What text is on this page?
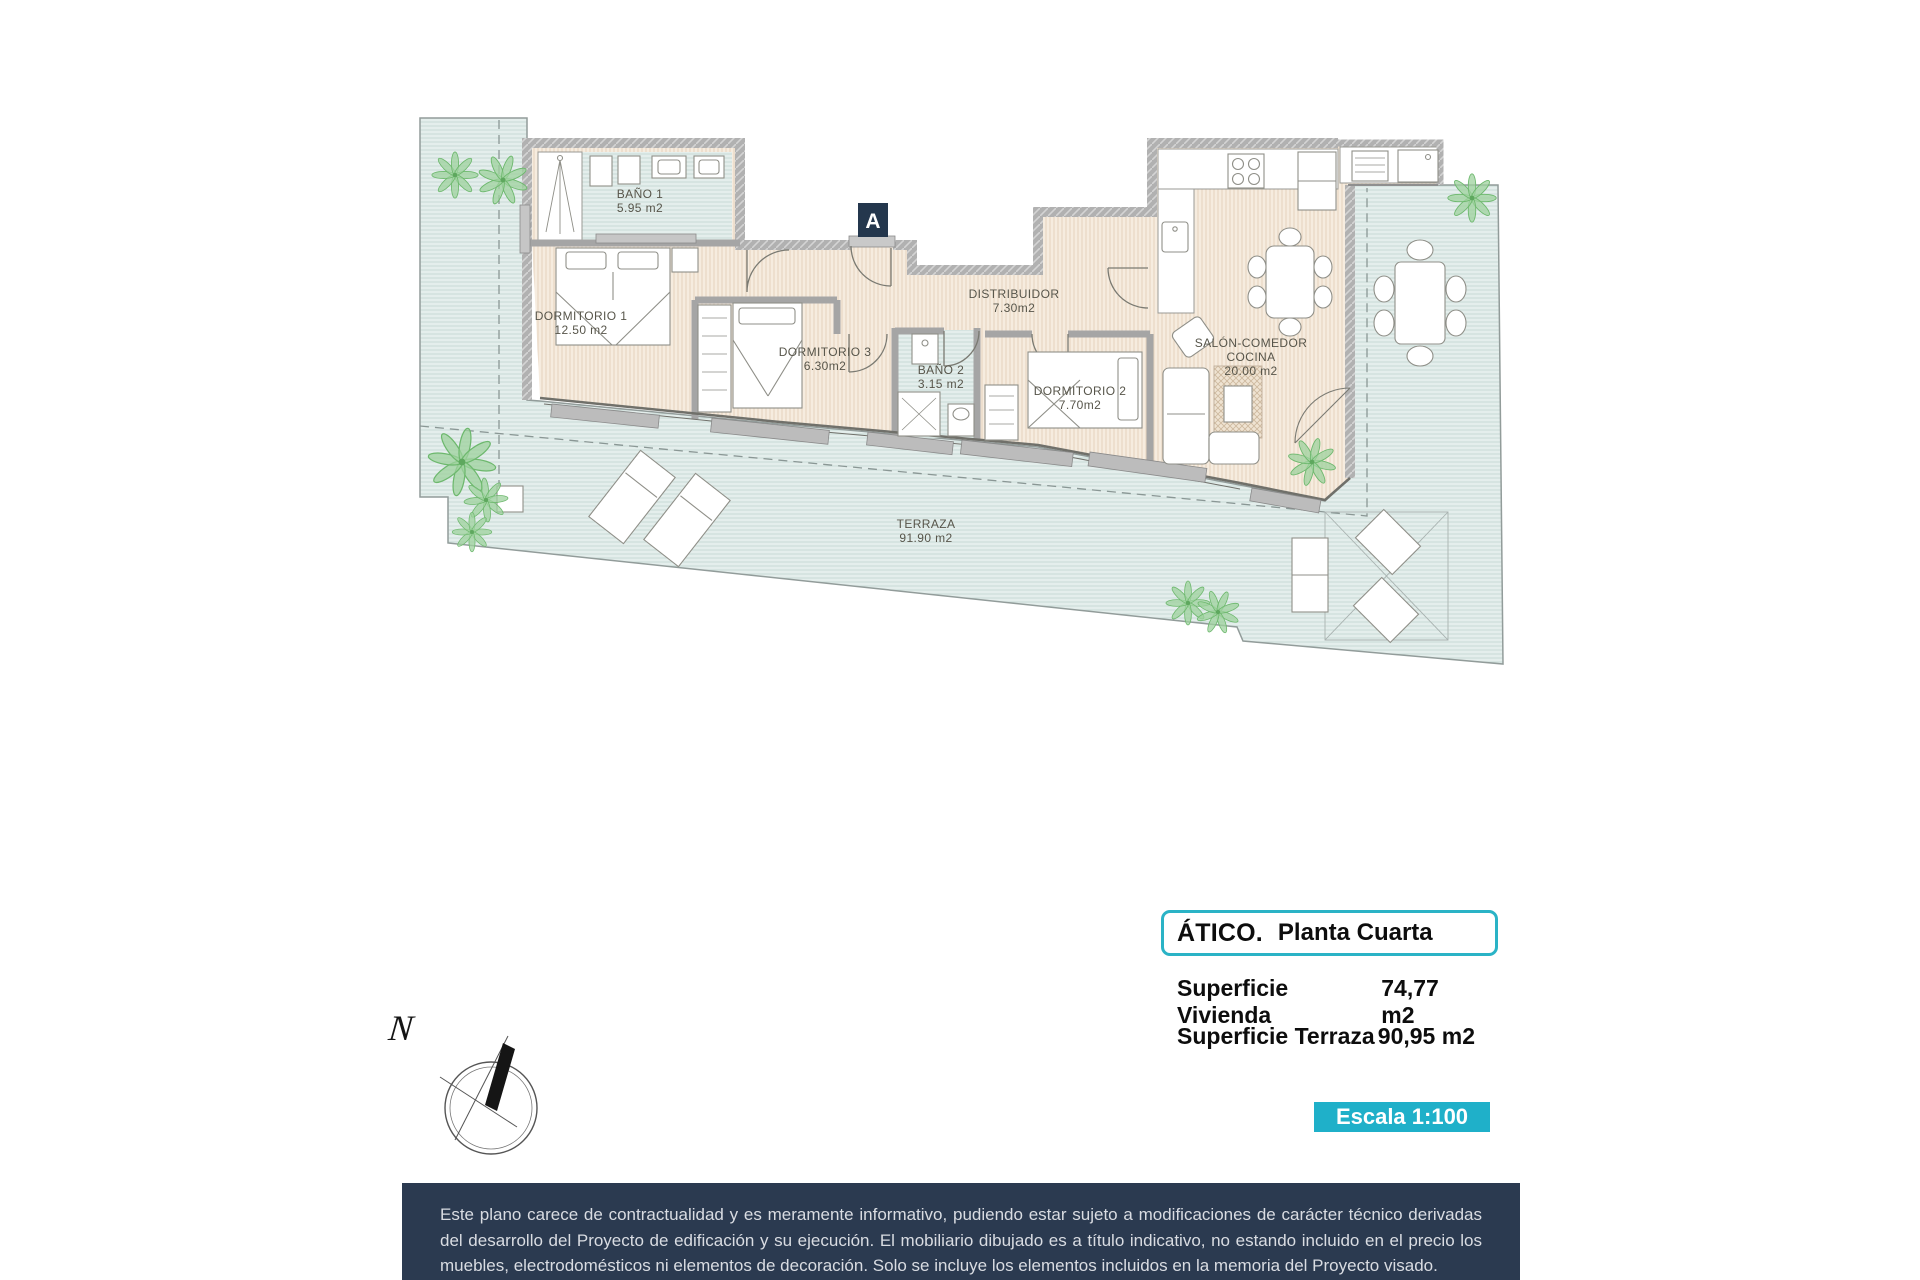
A
BAÑO 1 5.95 m2
DORMITORIO 1 12.50 m2
DORMITORIO 3 6.30m2	BAÑO 2 3.15 m2
DISTRIBUIDOR 7.30m2
DORMITORIO 2 7.70m2
SALÓN-COMEDOR COCINA 20.00 m2
TERRAZA 91.90 m2
N
ÁTICO. Planta Cuarta
Superficie Vivienda
74,77 m2
Superficie Terraza 90,95 m2
Escala 1:100

Este plano carece de contractualidad y es meramente informativo, pudiendo estar sujeto a modificaciones de carácter técnico derivadas del desarrollo del Proyecto de edificación y su ejecución. El mobiliario dibujado es a título indicativo, no estando incluido en el precio los muebles, electrodomésticos ni elementos de decoración. Solo se incluye los elementos incluidos en la memoria del Proyecto visado.
